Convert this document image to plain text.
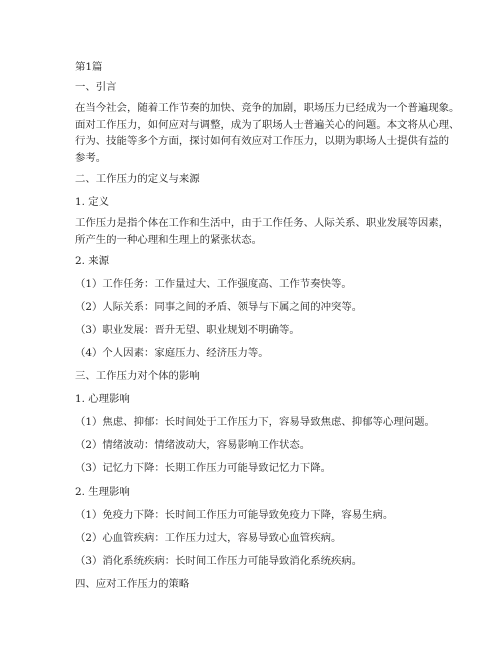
第1篇
一、引言
在当今社会，随着工作节奏的加快、竞争的加剧，职场压力已经成为一个普遍现象。
面对工作压力，如何应对与调整，成为了职场人士普遍关心的问题。本文将从心理、
行为、技能等多个方面，探讨如何有效应对工作压力，以期为职场人士提供有益的
参考。
二、工作压力的定义与来源
1. 定义
工作压力是指个体在工作和生活中，由于工作任务、人际关系、职业发展等因素，
所产生的一种心理和生理上的紧张状态。
2. 来源
（1）工作任务：工作量过大、工作强度高、工作节奏快等。
（2）人际关系：同事之间的矛盾、领导与下属之间的冲突等。
（3）职业发展：晋升无望、职业规划不明确等。
（4）个人因素：家庭压力、经济压力等。
三、工作压力对个体的影响
1. 心理影响
（1）焦虑、抑郁：长时间处于工作压力下，容易导致焦虑、抑郁等心理问题。
（2）情绪波动：情绪波动大，容易影响工作状态。
（3）记忆力下降：长期工作压力可能导致记忆力下降。
2. 生理影响
（1）免疫力下降：长时间工作压力可能导致免疫力下降，容易生病。
（2）心血管疾病：工作压力过大，容易导致心血管疾病。
（3）消化系统疾病：长时间工作压力可能导致消化系统疾病。
四、应对工作压力的策略
